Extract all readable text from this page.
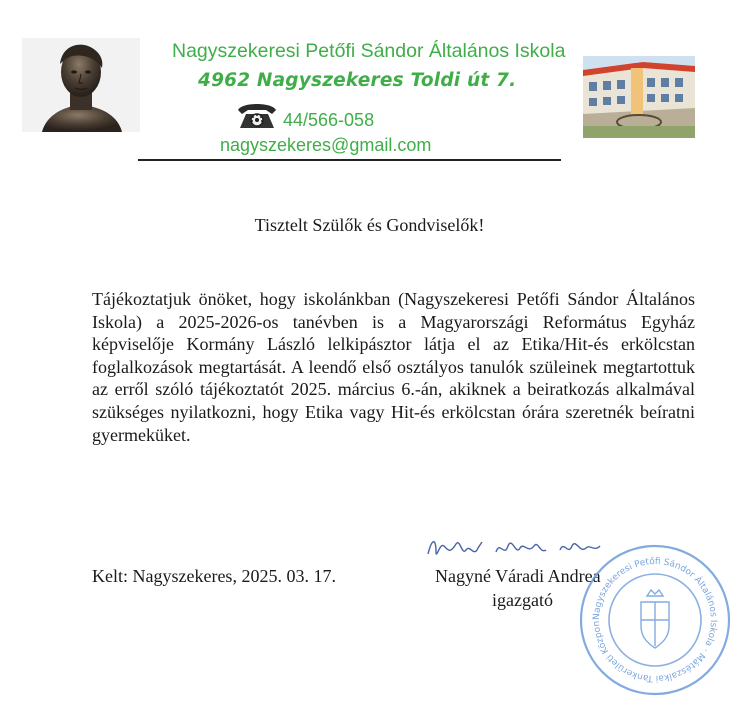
Nagyszekeresi Petőfi Sándor Általános Iskola
4962 Nagyszekeres Toldi út 7.
44/566-058
nagyszekeres@gmail.com
Tisztelt Szülők és Gondviselők!
Tájékoztatjuk önöket, hogy iskolánkban (Nagyszekeresi Petőfi Sándor Általános Iskola) a 2025-2026-os tanévben is a Magyarországi Református Egyház képviselője Kormány László lelkipásztor látja el az Etika/Hit-és erkölcstan foglalkozások megtartását. A leendő első osztályos tanulók szüleinek megtartottuk az erről szóló tájékoztatót 2025. március 6.-án, akiknek a beiratkozás alkalmával szükséges nyilatkozni, hogy Etika vagy Hit-és erkölcstan órára szeretnék beíratni gyermeküket.
Kelt: Nagyszekeres, 2025. 03. 17.	Nagyné Váradi Andrea
igazgató
Nagyszekeresi Petőfi Sándor Általános Iskola · Mátészalkai Tankerületi Közpon
